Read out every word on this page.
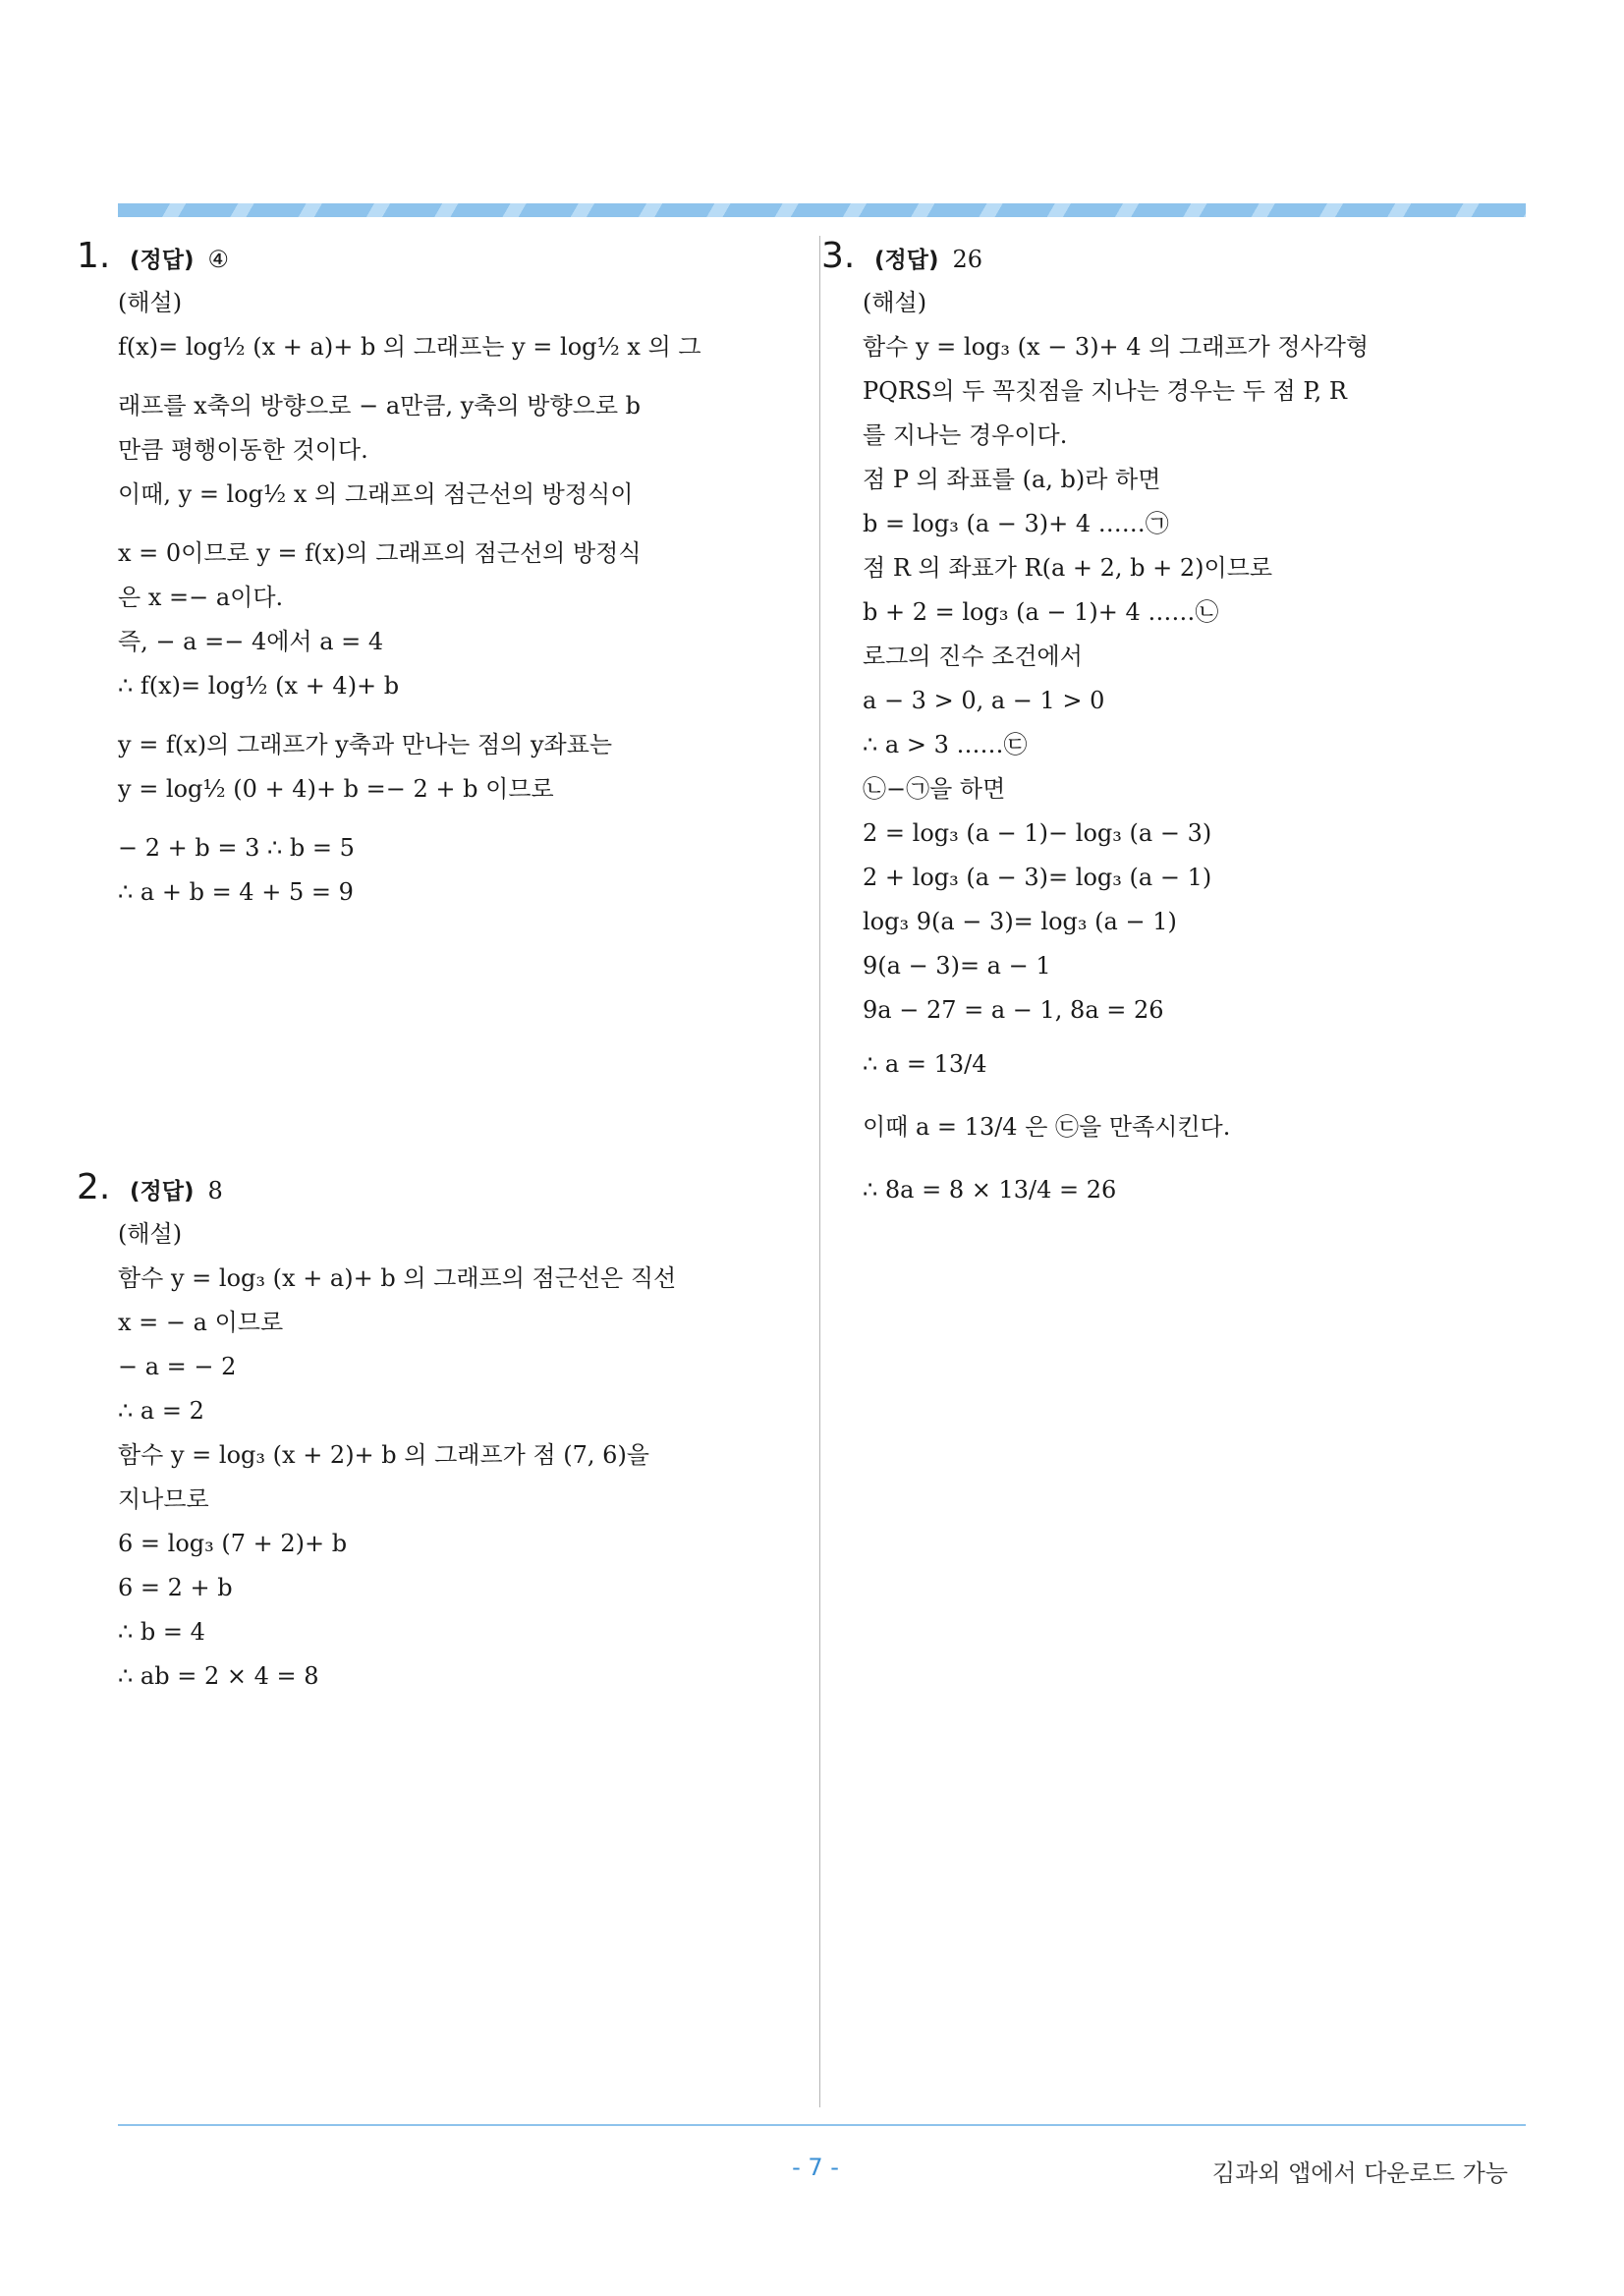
1. (정답) ④
(해설)
f(x)= log½ (x + a)+ b 의 그래프는 y = log½ x 의 그
래프를 x축의 방향으로 − a만큼, y축의 방향으로 b
만큼 평행이동한 것이다.
이때, y = log½ x 의 그래프의 점근선의 방정식이
x = 0이므로 y = f(x)의 그래프의 점근선의 방정식
은 x =− a이다.
즉, − a =− 4에서 a = 4
∴ f(x)= log½ (x + 4)+ b
y = f(x)의 그래프가 y축과 만나는 점의 y좌표는
y = log½ (0 + 4)+ b =− 2 + b 이므로
− 2 + b = 3 ∴ b = 5
∴ a + b = 4 + 5 = 9
2. (정답) 8
(해설)
함수 y = log₃ (x + a)+ b 의 그래프의 점근선은 직선
x = − a 이므로
− a = − 2
∴ a = 2
함수 y = log₃ (x + 2)+ b 의 그래프가 점 (7, 6)을
지나므로
6 = log₃ (7 + 2)+ b
6 = 2 + b
∴ b = 4
∴ ab = 2 × 4 = 8
3. (정답) 26
(해설)
함수 y = log₃ (x − 3)+ 4 의 그래프가 정사각형
PQRS의 두 꼭짓점을 지나는 경우는 두 점 P, R
를 지나는 경우이다.
점 P 의 좌표를 (a, b)라 하면
b = log₃ (a − 3)+ 4 ……㉠
점 R 의 좌표가 R(a + 2, b + 2)이므로
b + 2 = log₃ (a − 1)+ 4 ……㉡
로그의 진수 조건에서
a − 3 > 0, a − 1 > 0
∴ a > 3 ……㉢
㉡−㉠을 하면
2 = log₃ (a − 1)− log₃ (a − 3)
2 + log₃ (a − 3)= log₃ (a − 1)
log₃ 9(a − 3)= log₃ (a − 1)
9(a − 3)= a − 1
9a − 27 = a − 1, 8a = 26
∴ a = 13/4
이때 a = 13/4 은 ㉢을 만족시킨다.
∴ 8a = 8 × 13/4 = 26
- 7 -	김과외 앱에서 다운로드 가능
